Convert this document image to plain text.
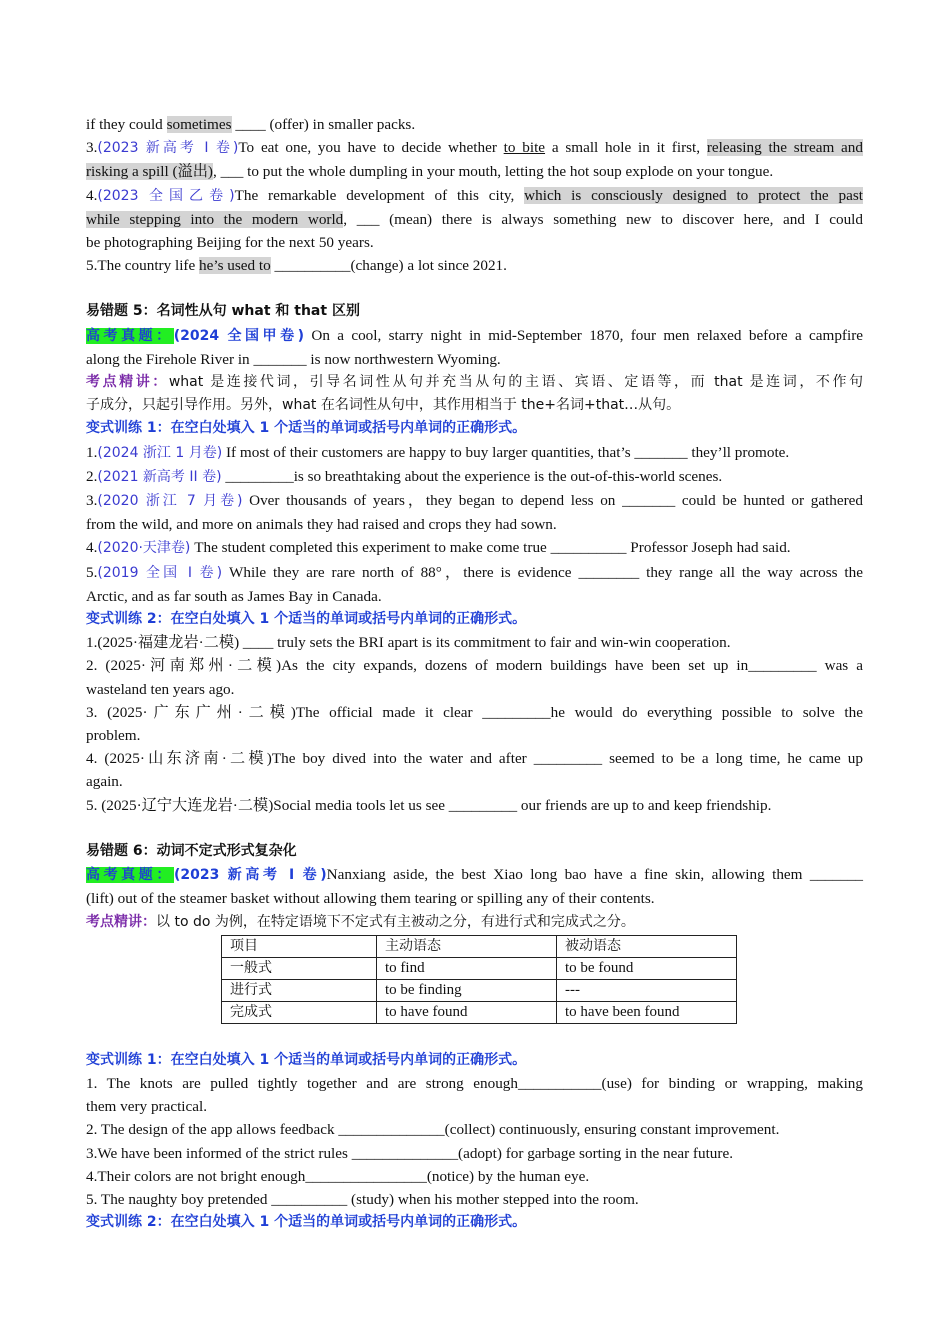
if they could sometimes ____ (offer) in smaller packs.
3.(2023 新高考 I 卷)To eat one, you have to decide whether to bite a small hole in it first, releasing the stream and
risking a spill (溢出), ___ to put the whole dumpling in your mouth, letting the hot soup explode on your tongue.
4.(2023 全国乙卷)The remarkable development of this city, which is consciously designed to protect the past
while stepping into the modern world, ___ (mean) there is always something new to discover here, and I could
be photographing Beijing for the next 50 years.
5.The country life he’s used to __________(change) a lot since 2021.
易错题 5：名词性从句 what 和 that 区别
高考真题：(2024 全国甲卷) On a cool, starry night in mid-September 1870, four men relaxed before a campfire
along the Firehole River in _______ is now northwestern Wyoming.
考点精讲：what 是连接代词，引导名词性从句并充当从句的主语、宾语、定语等，而 that 是连词，不作句
子成分，只起引导作用。另外，what 在名词性从句中，其作用相当于 the+名词+that…从句。
变式训练 1：在空白处填入 1 个适当的单词或括号内单词的正确形式。
1.(2024 浙江 1 月卷) If most of their customers are happy to buy larger quantities, that’s _______ they’ll promote.
2.(2021 新高考 II 卷) _________is so breathtaking about the experience is the out-of-this-world scenes.
3.(2020 浙江 7 月卷) Over thousands of years，they began to depend less on _______ could be hunted or gathered
from the wild, and more on animals they had raised and crops they had sown.
4.(2020·天津卷) The student completed this experiment to make come true __________ Professor Joseph had said.
5.(2019 全国 I 卷) While they are rare north of 88°，there is evidence ________ they range all the way across the
Arctic, and as far south as James Bay in Canada.
变式训练 2：在空白处填入 1 个适当的单词或括号内单词的正确形式。
1.(2025·福建龙岩·二模) ____ truly sets the BRI apart is its commitment to fair and win-win cooperation.
2. (2025·河南郑州·二模)As the city expands, dozens of modern buildings have been set up in_________ was a
wasteland ten years ago.
3. (2025·广东广州·二模)The official made it clear _________he would do everything possible to solve the
problem.
4. (2025·山东济南·二模)The boy dived into the water and after _________ seemed to be a long time, he came up
again.
5. (2025·辽宁大连龙岩·二模)Social media tools let us see _________ our friends are up to and keep friendship.
易错题 6：动词不定式形式复杂化
高考真题：(2023 新高考 I 卷)Nanxiang aside, the best Xiao long bao have a fine skin, allowing them _______
(lift) out of the steamer basket without allowing them tearing or spilling any of their contents.
考点精讲：以 to do 为例，在特定语境下不定式有主被动之分，有进行式和完成式之分。
项目	主动语态	被动语态
一般式	to find	to be found
进行式	to be finding	---
完成式	to have found	to have been found
变式训练 1：在空白处填入 1 个适当的单词或括号内单词的正确形式。
1. The knots are pulled tightly together and are strong enough___________(use) for binding or wrapping, making
them very practical.
2. The design of the app allows feedback ______________(collect) continuously, ensuring constant improvement.
3.We have been informed of the strict rules ______________(adopt) for garbage sorting in the near future.
4.Their colors are not bright enough________________(notice) by the human eye.
5. The naughty boy pretended __________ (study) when his mother stepped into the room.
变式训练 2：在空白处填入 1 个适当的单词或括号内单词的正确形式。
